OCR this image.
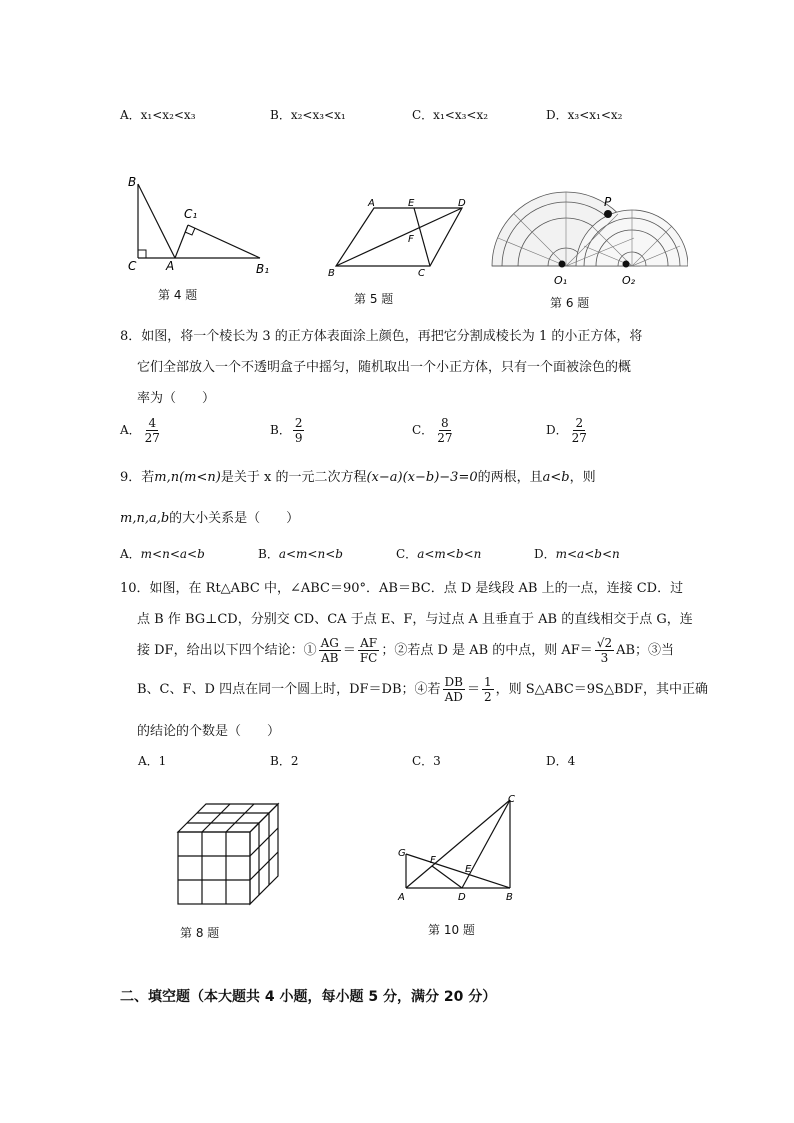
A．x₁<x₂<x₃	B．x₂<x₃<x₁	C．x₁<x₃<x₂	D．x₃<x₁<x₂
B
C₁
C A	B₁
第 4 题
A	E	D
F
B	C
第 5 题
P
O₁	O₂
第 6 题
8．如图，将一个棱长为 3 的正方体表面涂上颜色，再把它分割成棱长为 1 的小正方体，将
它们全部放入一个不透明盒子中摇匀，随机取出一个小正方体，只有一个面被涂色的概
率为（　　）
A． $\frac{4}{27}$	B． $\frac{2}{9}$	C． $\frac{8}{27}$	D． $\frac{2}{27}$
9．若m,n(m<n)是关于 x 的一元二次方程(x−a)(x−b)−3=0的两根，且a<b，则
m,n,a,b的大小关系是（　　）
A．m<n<a<b	B．a<m<n<b	C．a<m<b<n	D．m<a<b<n
10．如图，在 Rt△ABC 中，∠ABC＝90°．AB＝BC．点 D 是线段 AB 上的一点，连接 CD．过
点 B 作 BG⊥CD，分别交 CD、CA 于点 E、F，与过点 A 且垂直于 AB 的直线相交于点 G，连
接 DF，给出以下四个结论：① $\frac{AG}{AB} = \frac{AF}{FC}$ ；②若点 D 是 AB 的中点，则 $AF= \frac{√2}{3}$ AB；③当
B、C、F、D 四点在同一个圆上时，DF＝DB；④若 $\frac{DB}{AD} = \frac{1}{2}$ ，则 S△ABC＝9S△BDF，其中正确
的结论的个数是（　　）
A．1	B．2	C．3	D．4
第 8 题
C
G
F
E
A	D	B
第 10 题
二、填空题（本大题共 4 小题，每小题 5 分，满分 20 分）
